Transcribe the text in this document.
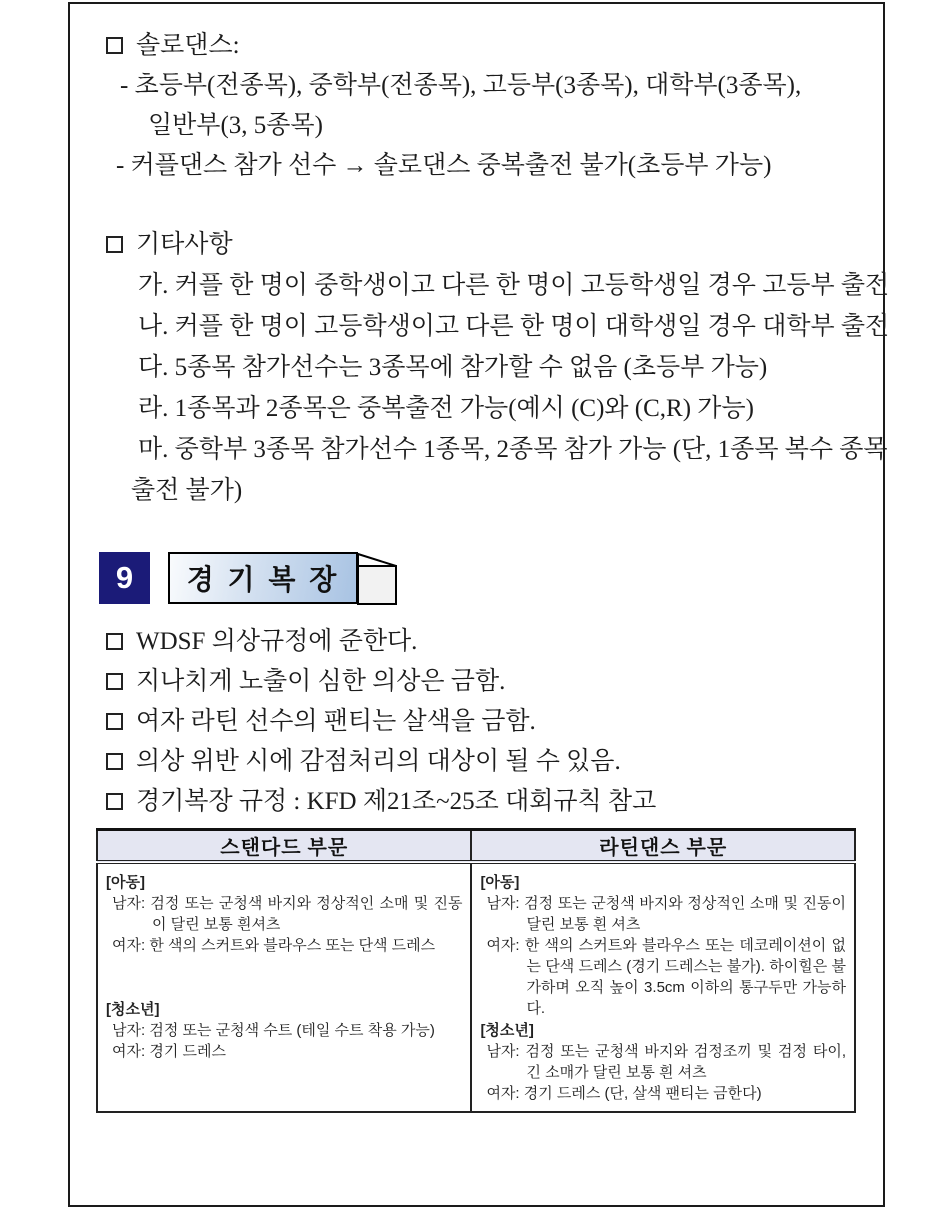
솔로댄스:
- 초등부(전종목), 중학부(전종목), 고등부(3종목), 대학부(3종목),
일반부(3, 5종목)
- 커플댄스 참가 선수 → 솔로댄스 중복출전 불가(초등부 가능)
기타사항
가. 커플 한 명이 중학생이고 다른 한 명이 고등학생일 경우 고등부 출전
나. 커플 한 명이 고등학생이고 다른 한 명이 대학생일 경우 대학부 출전
다. 5종목 참가선수는 3종목에 참가할 수 없음 (초등부 가능)
라. 1종목과 2종목은 중복출전 가능(예시 (C)와 (C,R) 가능)
마. 중학부 3종목 참가선수 1종목, 2종목 참가 가능 (단, 1종목 복수 종목
출전 불가)
9	경 기 복 장
WDSF 의상규정에 준한다.
지나치게 노출이 심한 의상은 금함.
여자 라틴 선수의 팬티는 살색을 금함.
의상 위반 시에 감점처리의 대상이 될 수 있음.
경기복장 규정 : KFD 제21조~25조 대회규칙 참고
스탠다드 부문	라틴댄스 부문

[아동]
남자: 검정 또는 군청색 바지와 정상적인 소매 및 진동이 달린 보통 흰셔츠
여자: 한 색의 스커트와 블라우스 또는 단색 드레스
[청소년]
남자: 검정 또는 군청색 수트 (테일 수트 착용 가능)
여자: 경기 드레스

[아동]
남자: 검정 또는 군청색 바지와 정상적인 소매 및 진동이 달린 보통 흰 셔츠
여자: 한 색의 스커트와 블라우스 또는 데코레이션이 없는 단색 드레스 (경기 드레스는 불가). 하이힐은 불가하며 오직 높이 3.5cm 이하의 통구두만 가능하다.
[청소년]
남자: 검정 또는 군청색 바지와 검정조끼 및 검정 타이, 긴 소매가 달린 보통 흰 셔츠
여자: 경기 드레스 (단, 살색 팬티는 금한다)
